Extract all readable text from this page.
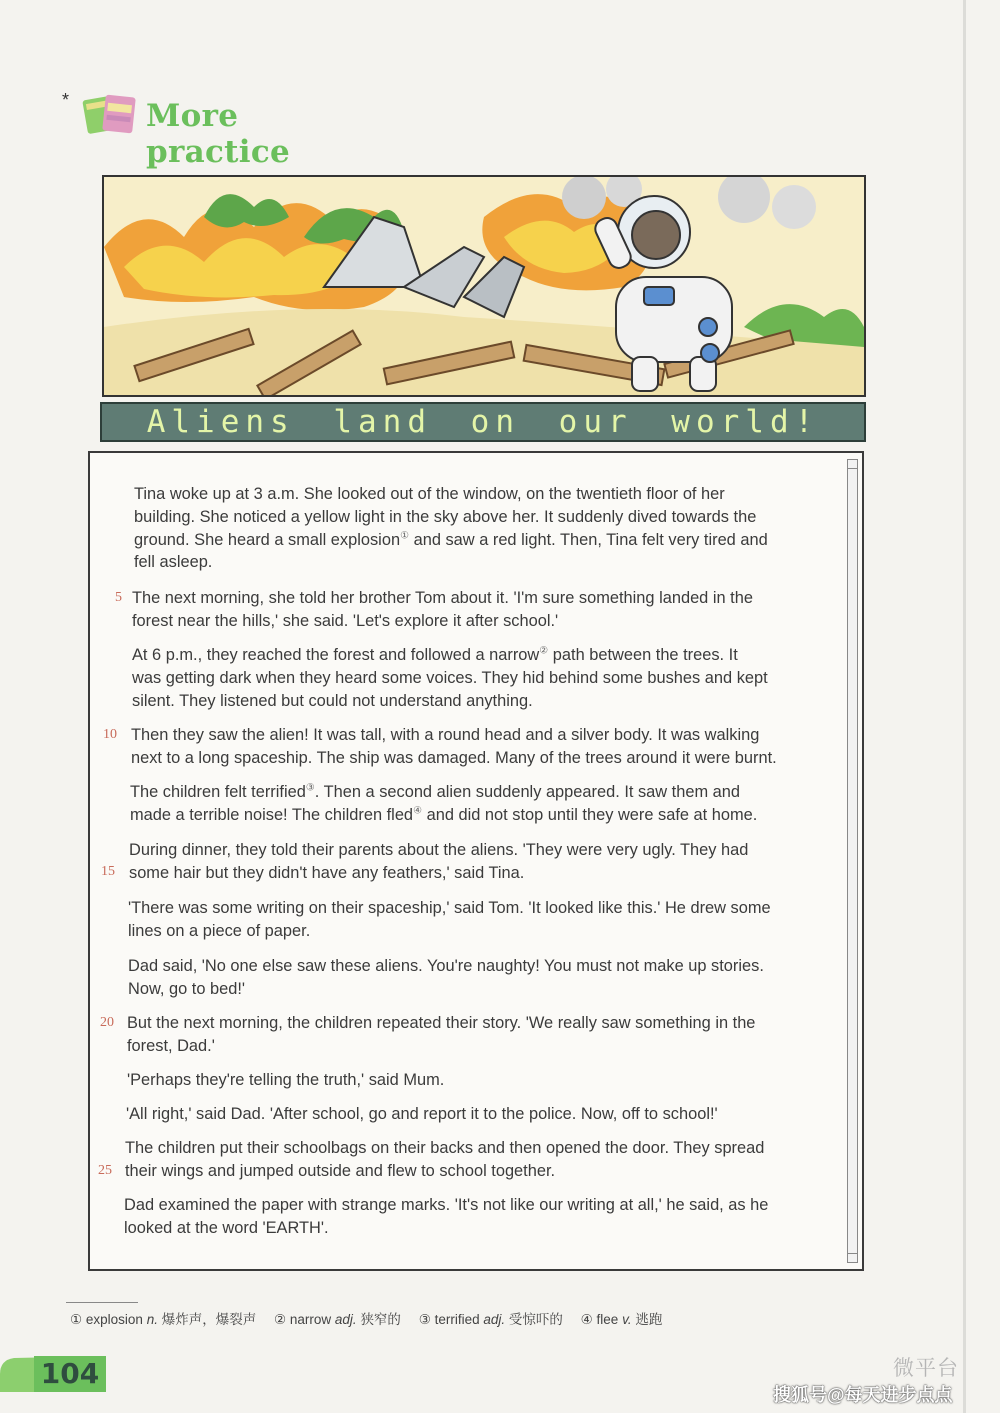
* More practice
Aliens land on our world!

Tina woke up at 3 a.m. She looked out of the window, on the twentieth floor of her
building. She noticed a yellow light in the sky above her. It suddenly dived towards the
ground. She heard a small explosion① and saw a red light. Then, Tina felt very tired and
fell asleep.

5 The next morning, she told her brother Tom about it. 'I'm sure something landed in the
forest near the hills,' she said. 'Let's explore it after school.'

At 6 p.m., they reached the forest and followed a narrow② path between the trees. It
was getting dark when they heard some voices. They hid behind some bushes and kept
silent. They listened but could not understand anything.

10 Then they saw the alien! It was tall, with a round head and a silver body. It was walking
next to a long spaceship. The ship was damaged. Many of the trees around it were burnt.

The children felt terrified③. Then a second alien suddenly appeared. It saw them and
made a terrible noise! The children fled④ and did not stop until they were safe at home.

15

During dinner, they told their parents about the aliens. 'They were very ugly. They had
some hair but they didn't have any feathers,' said Tina.

'There was some writing on their spaceship,' said Tom. 'It looked like this.' He drew some
lines on a piece of paper.

Dad said, 'No one else saw these aliens. You're naughty! You must not make up stories.
Now, go to bed!'

20 But the next morning, the children repeated their story. 'We really saw something in the
forest, Dad.'

'Perhaps they're telling the truth,' said Mum.

'All right,' said Dad. 'After school, go and report it to the police. Now, off to school!'

25

The children put their schoolbags on their backs and then opened the door. They spread
their wings and jumped outside and flew to school together.

Dad examined the paper with strange marks. 'It's not like our writing at all,' he said, as he
looked at the word 'EARTH'.

① explosion n. 爆炸声，爆裂声 ② narrow adj. 狭窄的 ③ terrified adj. 受惊吓的 ④ flee v. 逃跑
104	微平台
搜狐号@每天进步点点
